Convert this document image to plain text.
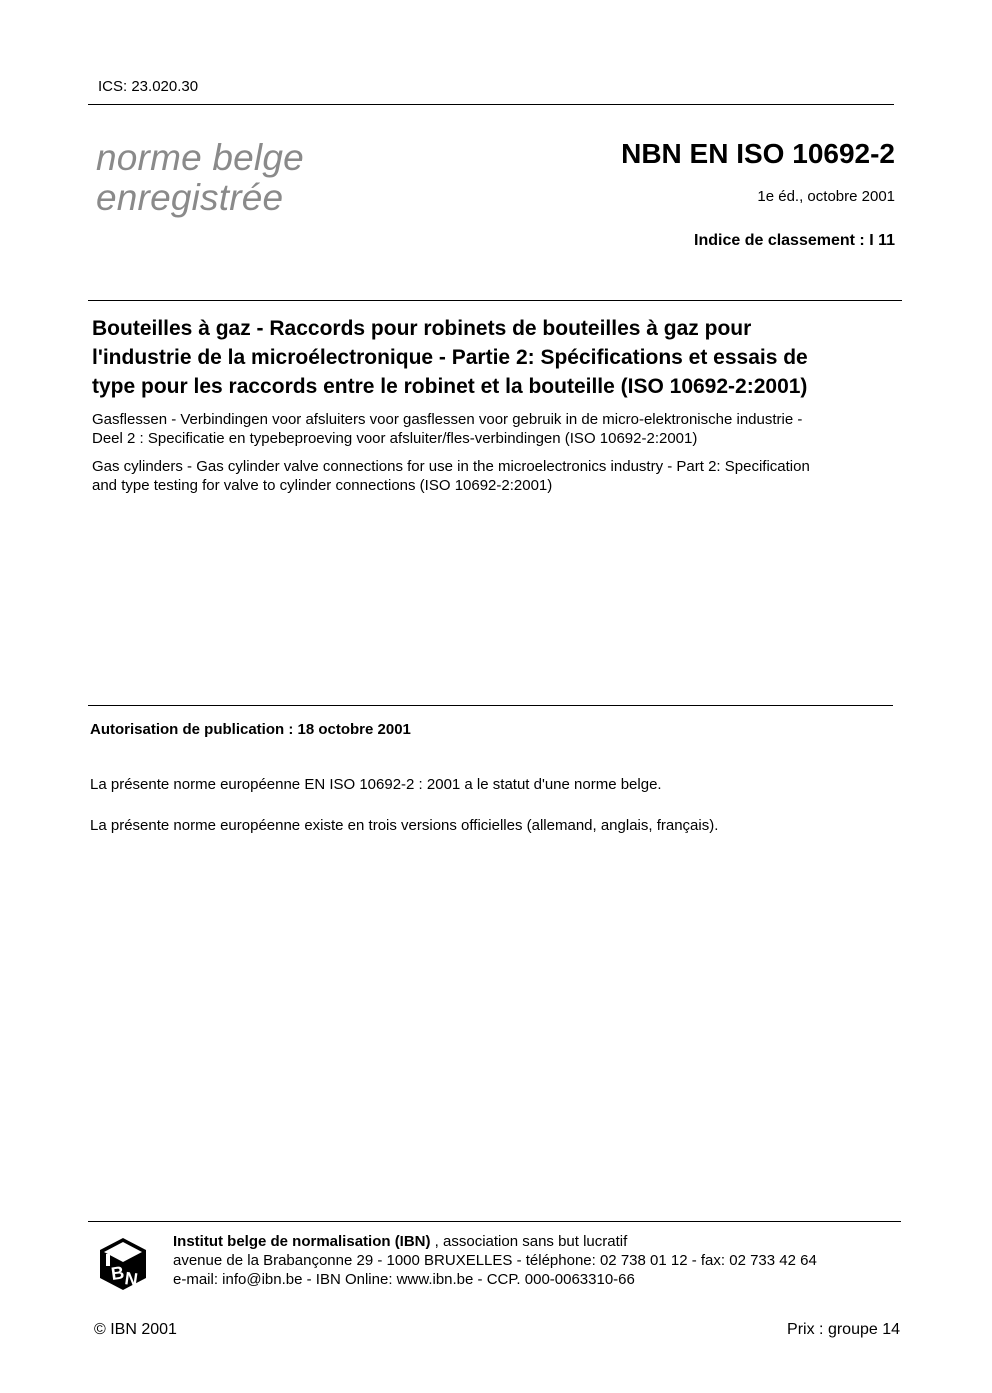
ICS: 23.020.30
norme belge
enregistrée
NBN EN ISO 10692-2
1e éd., octobre 2001
Indice de classement : I 11
Bouteilles à gaz - Raccords pour robinets de bouteilles à gaz pour
l'industrie de la microélectronique - Partie 2: Spécifications et essais de
type pour les raccords entre le robinet et la bouteille (ISO 10692-2:2001)
Gasflessen - Verbindingen voor afsluiters voor gasflessen voor gebruik in de micro-elektronische industrie -
Deel 2 : Specificatie en typebeproeving voor afsluiter/fles-verbindingen (ISO 10692-2:2001)
Gas cylinders - Gas cylinder valve connections for use in the microelectronics industry - Part 2: Specification
and type testing for valve to cylinder connections (ISO 10692-2:2001)
Autorisation de publication : 18 octobre 2001
La présente norme européenne EN ISO 10692-2 : 2001 a le statut d'une norme belge.
La présente norme européenne existe en trois versions officielles (allemand, anglais, français).
B
N
Institut belge de normalisation (IBN) , association sans but lucratif
avenue de la Brabançonne 29 - 1000 BRUXELLES - téléphone: 02 738 01 12 - fax: 02 733 42 64
e-mail: info@ibn.be - IBN Online: www.ibn.be - CCP. 000-0063310-66
© IBN 2001	Prix : groupe 14
